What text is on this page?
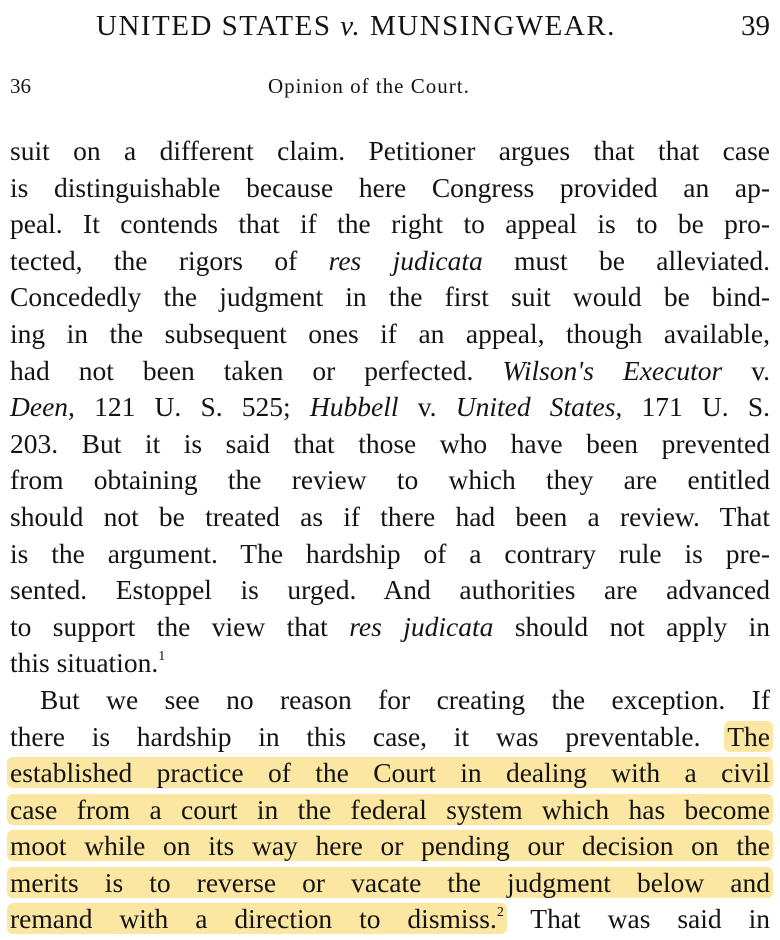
UNITED STATES v. MUNSINGWEAR.	39
36	Opinion of the Court.
suit on a different claim. Petitioner argues that that case
is distinguishable because here Congress provided an ap-
peal. It contends that if the right to appeal is to be pro-
tected, the rigors of res judicata must be alleviated.
Concededly the judgment in the first suit would be bind-
ing in the subsequent ones if an appeal, though available,
had not been taken or perfected. Wilson's Executor v.
Deen, 121 U. S. 525; Hubbell v. United States, 171 U. S.
203. But it is said that those who have been prevented
from obtaining the review to which they are entitled
should not be treated as if there had been a review. That
is the argument. The hardship of a contrary rule is pre-
sented. Estoppel is urged. And authorities are advanced
to support the view that res judicata should not apply in
this situation.$^1$
But we see no reason for creating the exception. If
there is hardship in this case, it was preventable. The
established practice of the Court in dealing with a civil
case from a court in the federal system which has become
moot while on its way here or pending our decision on the
merits is to reverse or vacate the judgment below and
remand with a direction to dismiss.$^2$ That was said in
